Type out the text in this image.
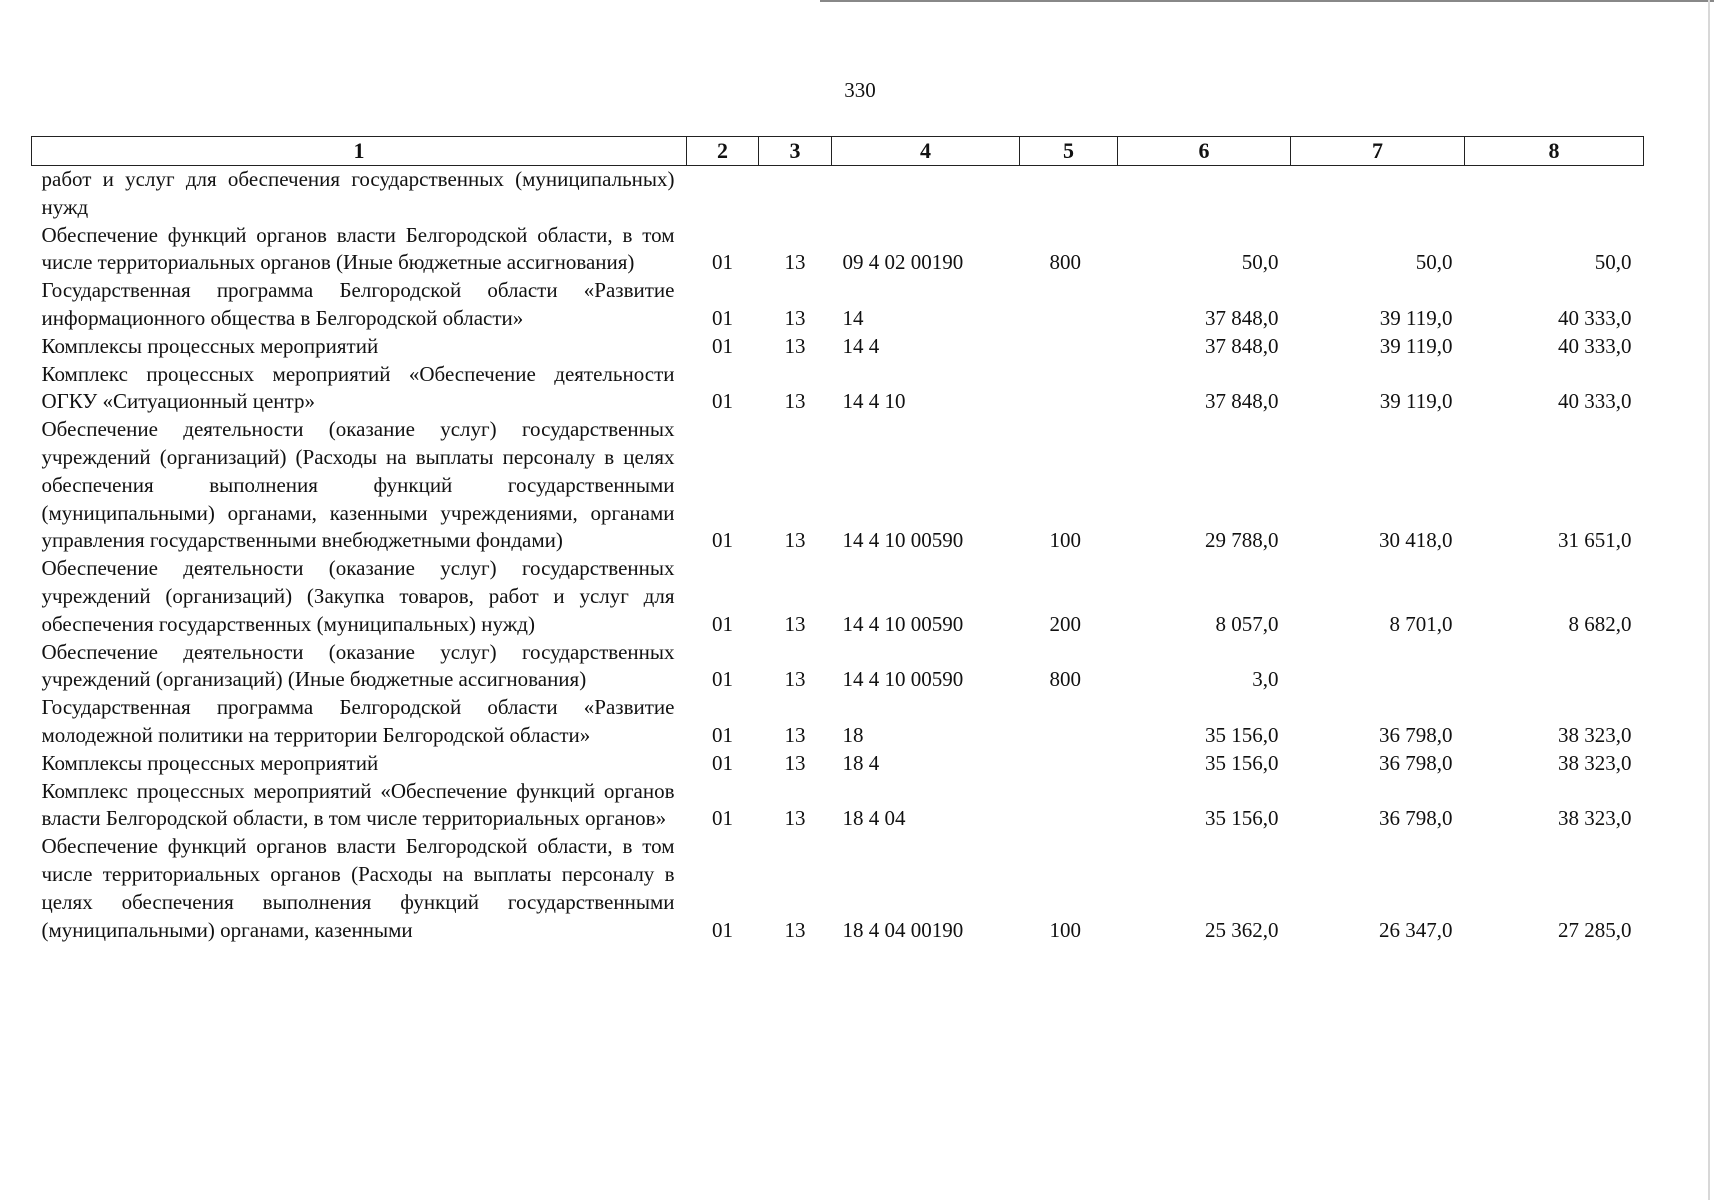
330
1	2	3	4	5	6	7	8
работ и услуг для обеспечения государственных (муниципальных) нужд							
Обеспечение функций органов власти Белгородской области, в том числе территориальных органов (Иные бюджетные ассигнования)	01	13	09 4 02 00190	800	50,0	50,0	50,0
Государственная программа Белгородской области «Развитие информационного общества в Белгородской области»	01	13	14		37 848,0	39 119,0	40 333,0
Комплексы процессных мероприятий	01	13	14 4		37 848,0	39 119,0	40 333,0
Комплекс процессных мероприятий «Обеспечение деятельности ОГКУ «Ситуационный центр»	01	13	14 4 10		37 848,0	39 119,0	40 333,0
Обеспечение деятельности (оказание услуг) государственных учреждений (организаций) (Расходы на выплаты персоналу в целях обеспечения выполнения функций государственными (муниципальными) органами, казенными учреждениями, органами управления государственными внебюджетными фондами)	01	13	14 4 10 00590	100	29 788,0	30 418,0	31 651,0
Обеспечение деятельности (оказание услуг) государственных учреждений (организаций) (Закупка товаров, работ и услуг для обеспечения государственных (муниципальных) нужд)	01	13	14 4 10 00590	200	8 057,0	8 701,0	8 682,0
Обеспечение деятельности (оказание услуг) государственных учреждений (организаций) (Иные бюджетные ассигнования)	01	13	14 4 10 00590	800	3,0		
Государственная программа Белгородской области «Развитие молодежной политики на территории Белгородской области»	01	13	18		35 156,0	36 798,0	38 323,0
Комплексы процессных мероприятий	01	13	18 4		35 156,0	36 798,0	38 323,0
Комплекс процессных мероприятий «Обеспечение функций органов власти Белгородской области, в том числе территориальных органов»	01	13	18 4 04		35 156,0	36 798,0	38 323,0
Обеспечение функций органов власти Белгородской области, в том числе территориальных органов (Расходы на выплаты персоналу в целях обеспечения выполнения функций государственными (муниципальными) органами, казенными	01	13	18 4 04 00190	100	25 362,0	26 347,0	27 285,0
